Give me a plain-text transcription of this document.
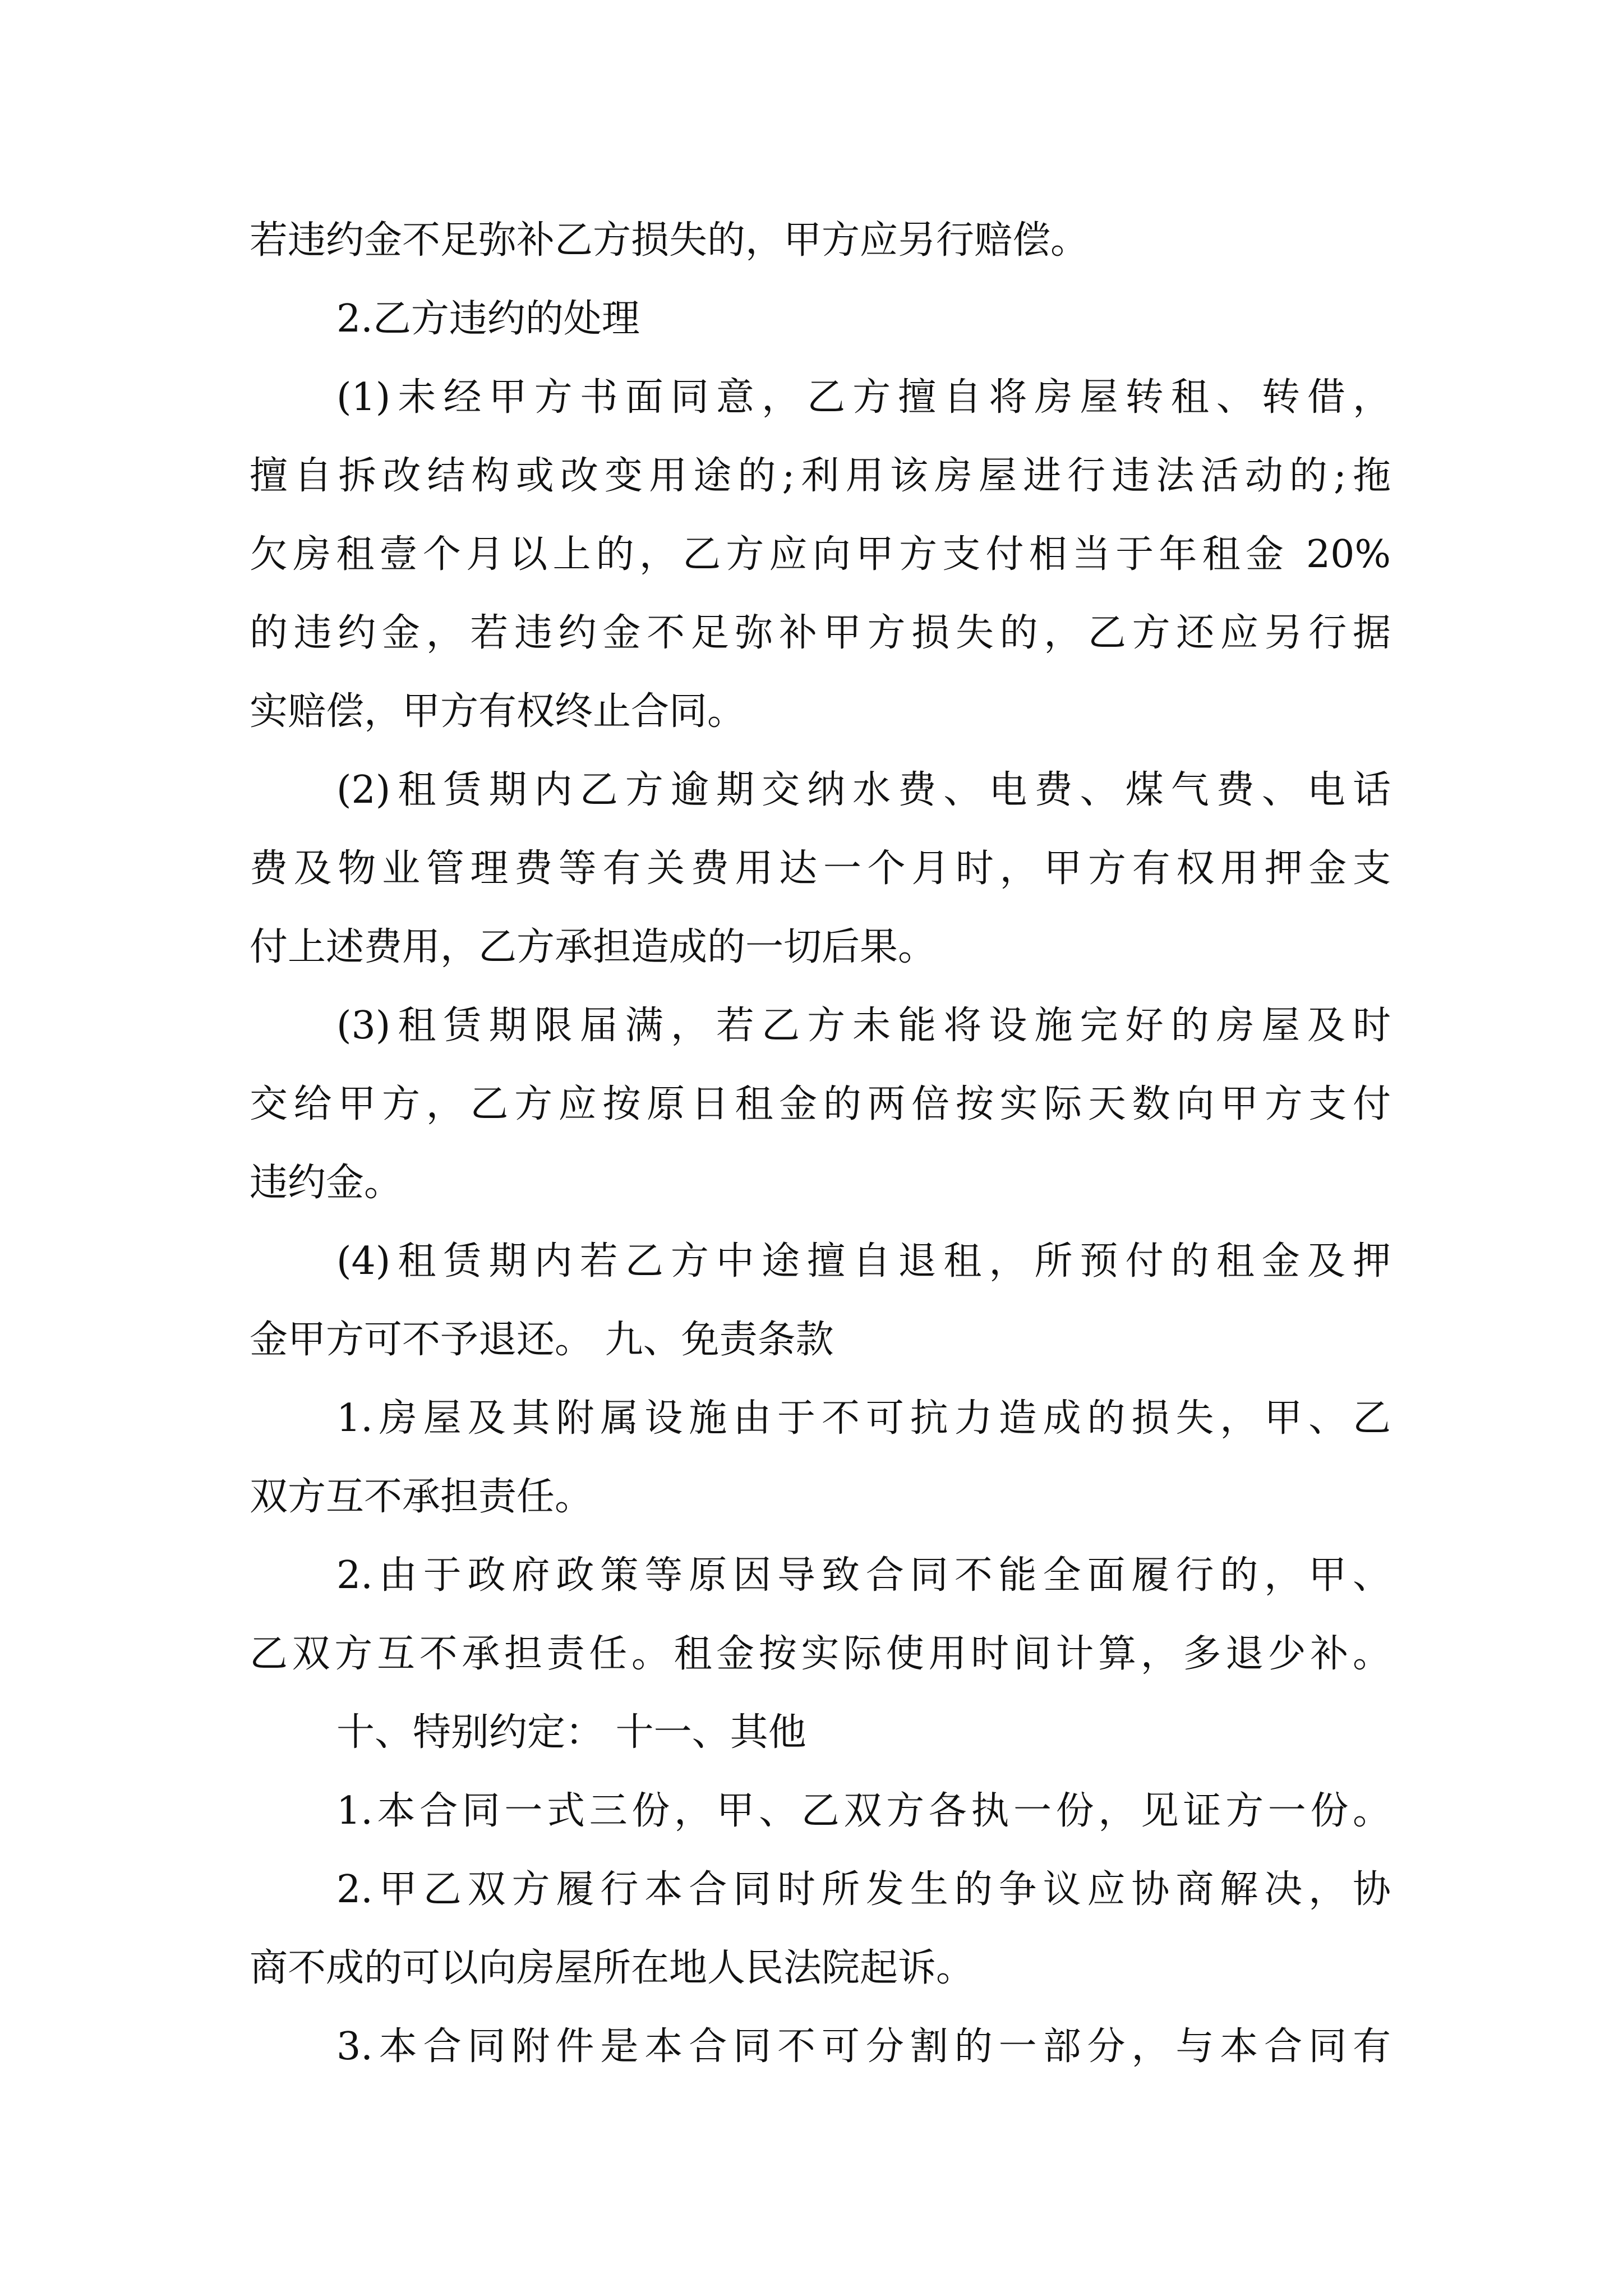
若违约金不足弥补乙方损失的，甲方应另行赔偿。
2.乙方违约的处理
(1)未经甲方书面同意，乙方擅自将房屋转租、转借，
擅自拆改结构或改变用途的;利用该房屋进行违法活动的;拖
欠房租壹个月以上的，乙方应向甲方支付相当于年租金 20%
的违约金，若违约金不足弥补甲方损失的，乙方还应另行据
实赔偿，甲方有权终止合同。
(2)租赁期内乙方逾期交纳水费、电费、煤气费、电话
费及物业管理费等有关费用达一个月时，甲方有权用押金支
付上述费用，乙方承担造成的一切后果。
(3)租赁期限届满，若乙方未能将设施完好的房屋及时
交给甲方，乙方应按原日租金的两倍按实际天数向甲方支付
违约金。
(4)租赁期内若乙方中途擅自退租，所预付的租金及押
金甲方可不予退还。 九、免责条款
1.房屋及其附属设施由于不可抗力造成的损失，甲、乙
双方互不承担责任。
2.由于政府政策等原因导致合同不能全面履行的，甲、
乙双方互不承担责任。租金按实际使用时间计算，多退少补。
十、特别约定： 十一、其他
1.本合同一式三份，甲、乙双方各执一份，见证方一份。
2.甲乙双方履行本合同时所发生的争议应协商解决，协
商不成的可以向房屋所在地人民法院起诉。
3.本合同附件是本合同不可分割的一部分，与本合同有
